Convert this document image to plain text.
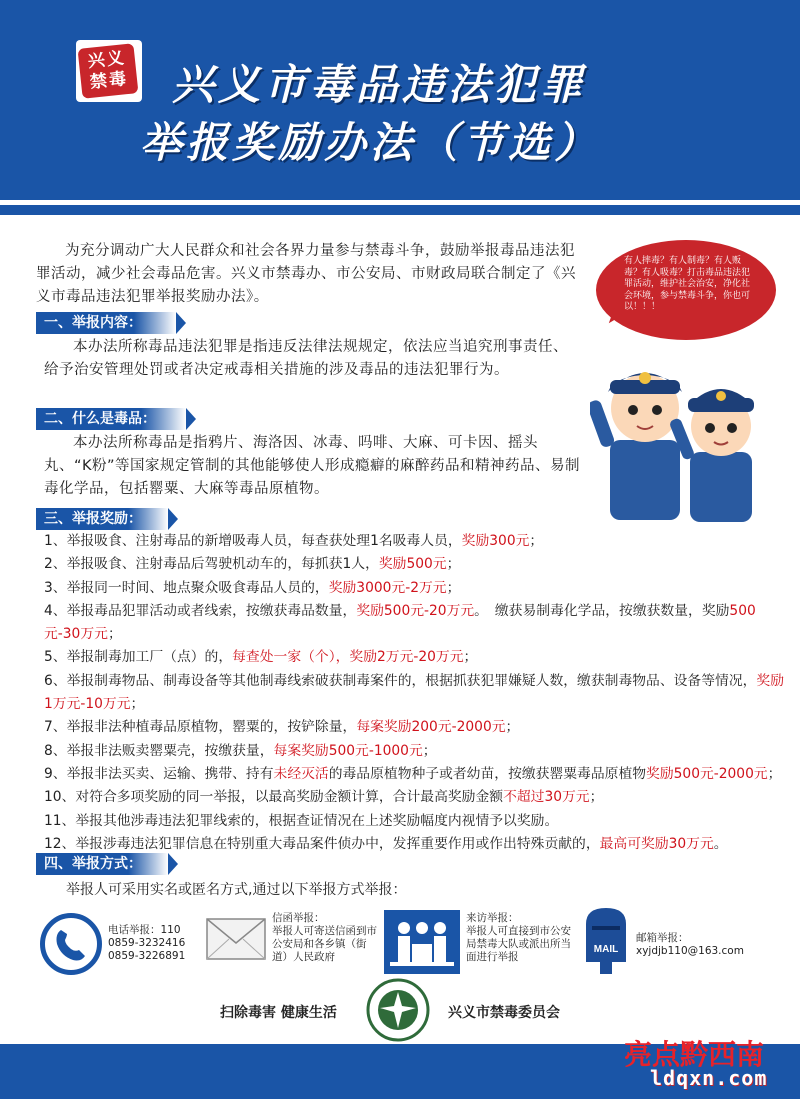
兴义
禁毒 兴义市毒品违法犯罪
举报奖励办法（节选）
为充分调动广大人民群众和社会各界力量参与禁毒斗争，鼓励举报毒品违法犯罪活动，减少社会毒品危害。兴义市禁毒办、市公安局、市财政局联合制定了《兴义市毒品违法犯罪举报奖励办法》。
有人摔毒？有人制毒？有人贩毒？有人吸毒？打击毒品违法犯罪活动，维护社会治安，净化社会环境，参与禁毒斗争，你也可以！！！
一、举报内容：
本办法所称毒品违法犯罪是指违反法律法规规定，依法应当追究刑事责任、给予治安管理处罚或者决定戒毒相关措施的涉及毒品的违法犯罪行为。
二、什么是毒品：
本办法所称毒品是指鸦片、海洛因、冰毒、吗啡、大麻、可卡因、摇头丸、“K粉”等国家规定管制的其他能够使人形成瘾癖的麻醉药品和精神药品、易制毒化学品，包括罂粟、大麻等毒品原植物。
三、举报奖励：
1、举报吸食、注射毒品的新增吸毒人员，每查获处理1名吸毒人员，奖励300元；
2、举报吸食、注射毒品后驾驶机动车的，每抓获1人，奖励500元；
3、举报同一时间、地点聚众吸食毒品人员的，奖励3000元-2万元；
4、举报毒品犯罪活动或者线索，按缴获毒品数量，奖励500元-20万元。　缴获易制毒化学品，按缴获数量，奖励500元-30万元；
5、举报制毒加工厂（点）的，每查处一家（个），奖励2万元-20万元；
6、举报制毒物品、制毒设备等其他制毒线索破获制毒案件的，根据抓获犯罪嫌疑人数，缴获制毒物品、设备等情况，奖励1万元-10万元；
7、举报非法种植毒品原植物，罂粟的，按铲除量，每案奖励200元-2000元；
8、举报非法贩卖罂粟壳，按缴获量，每案奖励500元-1000元；
9、举报非法买卖、运输、携带、持有未经灭活的毒品原植物种子或者幼苗，按缴获罂粟毒品原植物奖励500元-2000元；
10、对符合多项奖励的同一举报，以最高奖励金额计算，合计最高奖励金额不超过30万元；
11、举报其他涉毒违法犯罪线索的，根据查证情况在上述奖励幅度内视情予以奖励。
12、举报涉毒违法犯罪信息在特别重大毒品案件侦办中，发挥重要作用或作出特殊贡献的，最高可奖励30万元。
四、举报方式：
举报人可采用实名或匿名方式,通过以下举报方式举报：
电话举报：110
0859-3232416
0859-3226891
信函举报：
举报人可寄送信函到市公安局和各乡镇（街道）人民政府
来访举报：
举报人可直接到市公安局禁毒大队或派出所当面进行举报
MAIL
邮箱举报：
xyjdjb110@163.com
扫除毒害 健康生活	兴义市禁毒委员会
亮点黔西南
ldqxn.com
